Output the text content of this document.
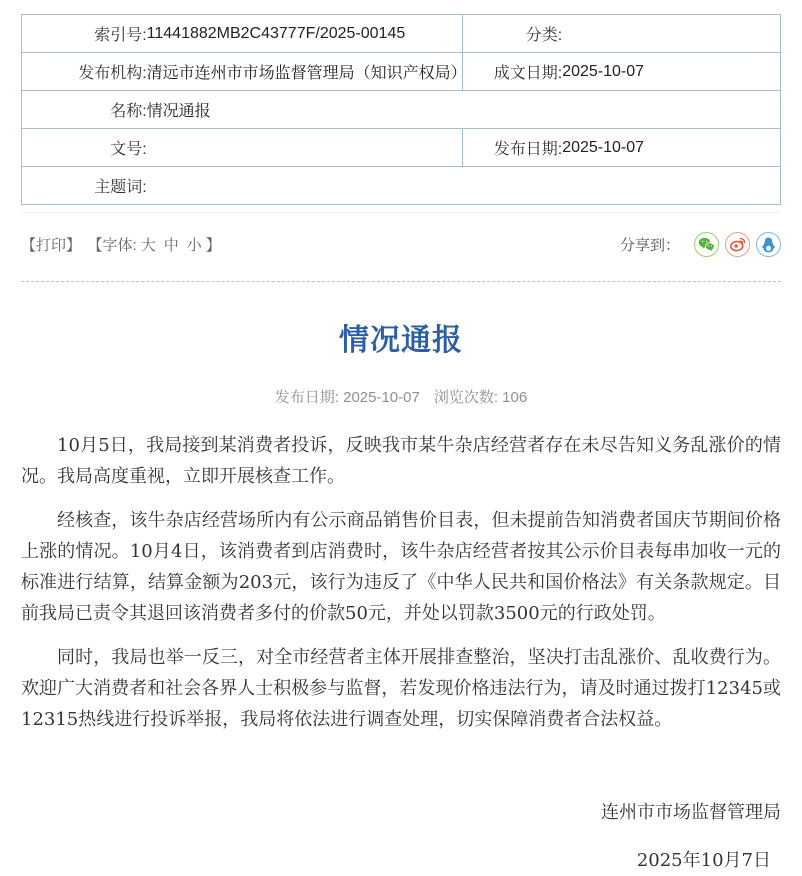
索引号:	11441882MB2C43777F/2025-00145	分类:	
发布机构:	清远市连州市市场监督管理局（知识产权局）	成文日期:	2025-10-07
名称:	情况通报		
文号:		发布日期:	2025-10-07
主题词:			
【打印】 【字体: 大 中 小 】	分享到：
情况通报
发布日期: 2025-10-07 浏览次数: 106

10月5日，我局接到某消费者投诉，反映我市某牛杂店经营者存在未尽告知义务乱涨价的情况。我局高度重视，立即开展核查工作。

经核查，该牛杂店经营场所内有公示商品销售价目表，但未提前告知消费者国庆节期间价格上涨的情况。10月4日，该消费者到店消费时，该牛杂店经营者按其公示价目表每串加收一元的标准进行结算，结算金额为203元，该行为违反了《中华人民共和国价格法》有关条款规定。目前我局已责令其退回该消费者多付的价款50元，并处以罚款3500元的行政处罚。

同时，我局也举一反三，对全市经营者主体开展排查整治，坚决打击乱涨价、乱收费行为。欢迎广大消费者和社会各界人士积极参与监督，若发现价格违法行为，请及时通过拨打12345或12315热线进行投诉举报，我局将依法进行调查处理，切实保障消费者合法权益。

连州市市场监督管理局
2025年10月7日
